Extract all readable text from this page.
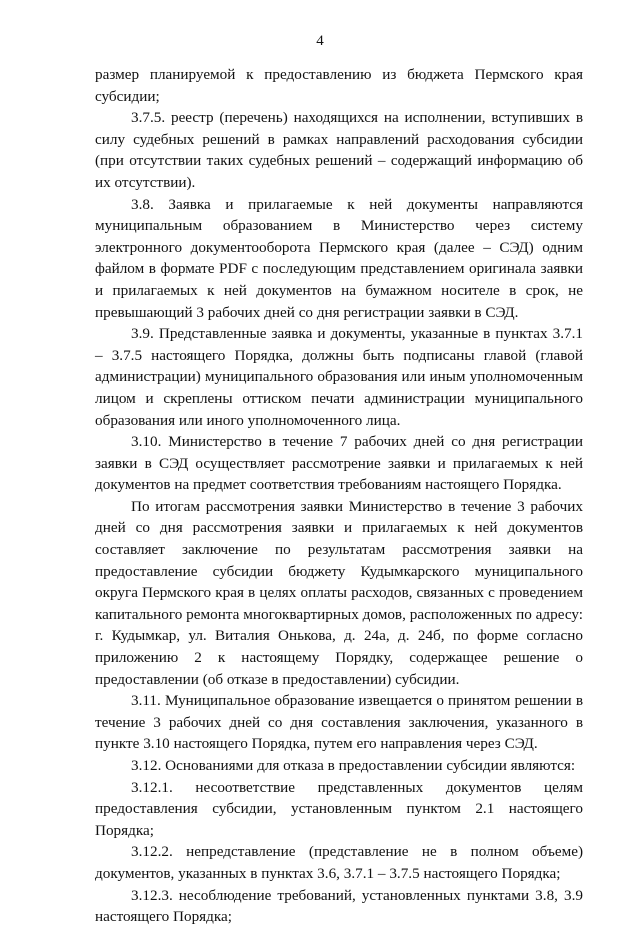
4

размер планируемой к предоставлению из бюджета Пермского края субсидии;

3.7.5. реестр (перечень) находящихся на исполнении, вступивших в силу судебных решений в рамках направлений расходования субсидии (при отсутствии таких судебных решений – содержащий информацию об их отсутствии).

3.8. Заявка и прилагаемые к ней документы направляются муниципальным образованием в Министерство через систему электронного документооборота Пермского края (далее – СЭД) одним файлом в формате PDF с последующим представлением оригинала заявки и прилагаемых к ней документов на бумажном носителе в срок, не превышающий 3 рабочих дней со дня регистрации заявки в СЭД.

3.9. Представленные заявка и документы, указанные в пунктах 3.7.1 – 3.7.5 настоящего Порядка, должны быть подписаны главой (главой администрации) муниципального образования или иным уполномоченным лицом и скреплены оттиском печати администрации муниципального образования или иного уполномоченного лица.

3.10. Министерство в течение 7 рабочих дней со дня регистрации заявки в СЭД осуществляет рассмотрение заявки и прилагаемых к ней документов на предмет соответствия требованиям настоящего Порядка.

По итогам рассмотрения заявки Министерство в течение 3 рабочих дней со дня рассмотрения заявки и прилагаемых к ней документов составляет заключение по результатам рассмотрения заявки на предоставление субсидии бюджету Кудымкарского муниципального округа Пермского края в целях оплаты расходов, связанных с проведением капитального ремонта многоквартирных домов, расположенных по адресу: г. Кудымкар, ул. Виталия Онькова, д. 24а, д. 24б, по форме согласно приложению 2 к настоящему Порядку, содержащее решение о предоставлении (об отказе в предоставлении) субсидии.

3.11. Муниципальное образование извещается о принятом решении в течение 3 рабочих дней со дня составления заключения, указанного в пункте 3.10 настоящего Порядка, путем его направления через СЭД.

3.12. Основаниями для отказа в предоставлении субсидии являются:

3.12.1. несоответствие представленных документов целям предоставления субсидии, установленным пунктом 2.1 настоящего Порядка;

3.12.2. непредставление (представление не в полном объеме) документов, указанных в пунктах 3.6, 3.7.1 – 3.7.5 настоящего Порядка;

3.12.3. несоблюдение требований, установленных пунктами 3.8, 3.9 настоящего Порядка;
